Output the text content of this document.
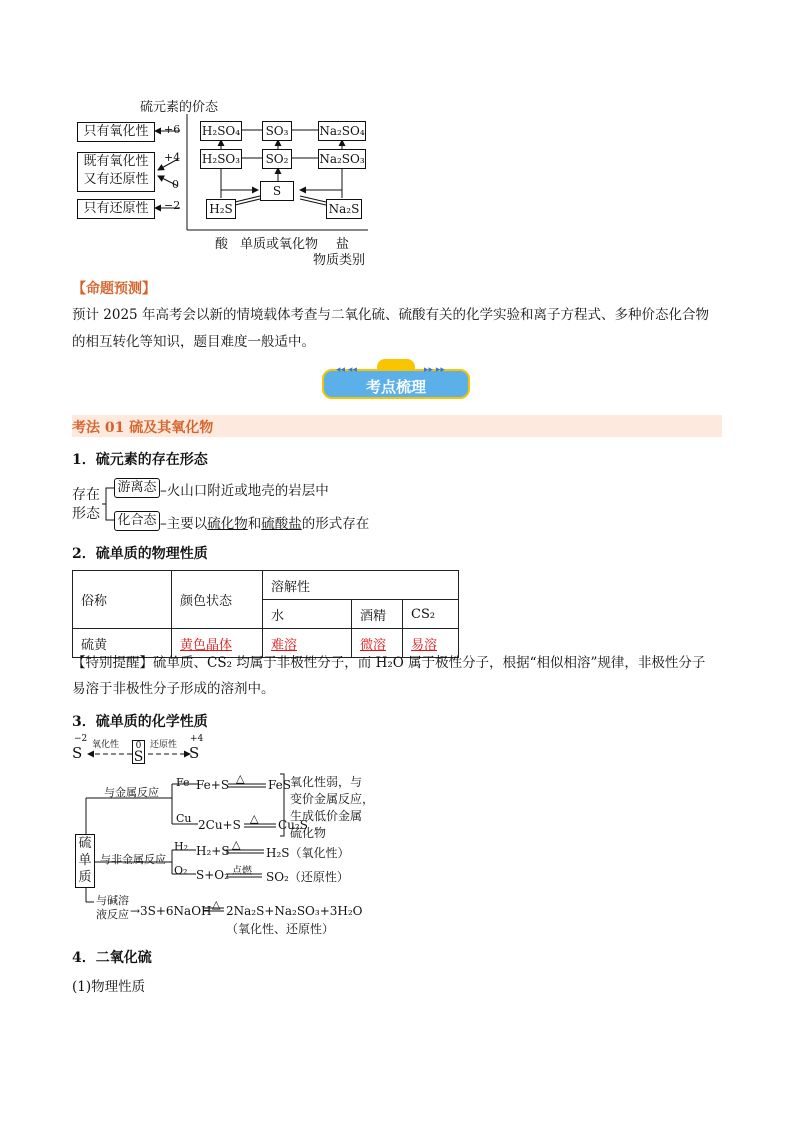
硫元素的价态
只有氧化性
既有氧化性
又有还原性
只有还原性
+6
+4
0
−2
H₂SO₄ SO₃	Na₂SO₄
H₂SO₃ SO₂	Na₂SO₃
S
H₂S	Na₂S
酸 单质或氧化物 盐
物质类别
【命题预测】
预计 2025 年高考会以新的情境载体考查与二氧化硫、硫酸有关的化学实验和离子方程式、多种价态化合物的相互转化等知识，题目难度一般适中。
考点梳理
◂◂ ◂◂	▸▸ ▸▸
考法 01 硫及其氧化物
1．硫元素的存在形态
存在
形态
游离态 –火山口附近或地壳的岩层中
化合态 –主要以硫化物和硫酸盐的形式存在
2．硫单质的物理性质
俗称	颜色状态	溶解性		
		水	酒精	CS₂
硫黄	黄色晶体	难溶	微溶	易溶
【特别提醒】硫单质、CS₂ 均属于非极性分子，而 H₂O 属于极性分子，根据“相似相溶”规律，非极性分子
易溶于非极性分子形成的溶剂中。
3．硫单质的化学性质
−2
S 氧化性 0
S
还原性
+4
S
硫
单
质
与金属反应
Fe Fe+S △ FeS
Cu 2Cu+S △ Cu₂S
氧化性弱，与
变价金属反应，
生成低价金属
硫化物
与非金属反应
H₂ H₂+S △
H₂S（氧化性）
O₂ S+O₂ 点燃 SO₂（还原性）
与碱溶
液反应 → 3S+6NaOH △ 2Na₂S+Na₂SO₃+3H₂O
（氧化性、还原性）
4．二氧化硫
(1)物理性质
